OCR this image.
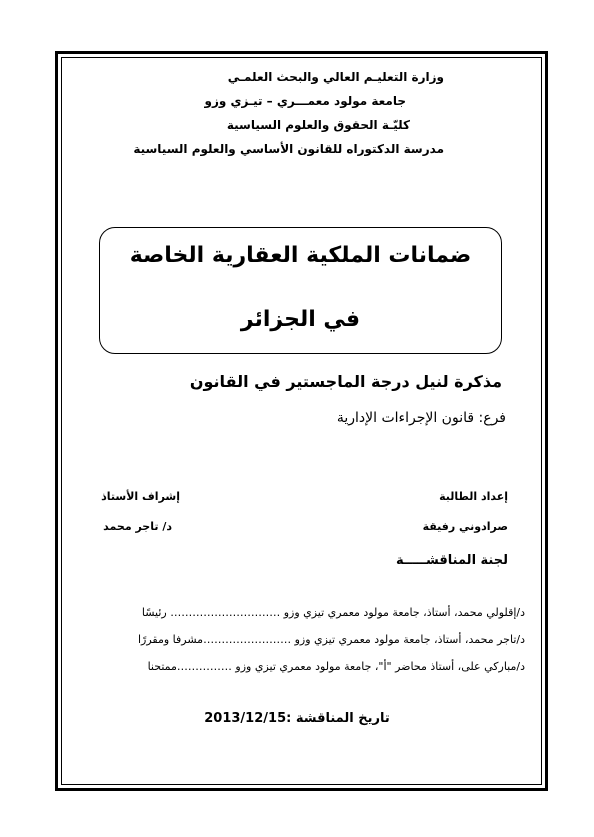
وزارة التعليـم العالي والبحث العلمـي
جامعة مولود معمـــري – تيـزي وزو
كليّـة الحقوق والعلوم السياسية
مدرسة الدكتوراه للقانون الأساسي والعلوم السياسية
ضمانات الملكية العقارية الخاصة
في الجزائر
مذكرة لنيل درجة الماجستير في القانون
فرع: قانون الإجراءات الإدارية
إعداد الطالبة
صرادوني رفيقة
إشراف الأستاذ
د/ تاجر محمد
لجنة المناقشـــــة
د/إقلولي محمد، أستاذ، جامعة مولود معمري تيزي وزو ………………………… رئيسًا
د/تاجر محمد، أستاذ، جامعة مولود معمري تيزي وزو ……………………مشرفا ومقررًا
د/مباركي على، أستاذ محاضر "أ"، جامعة مولود معمري تيزي وزو ……………ممتحنا
تاريخ المناقشة :2013/12/15
